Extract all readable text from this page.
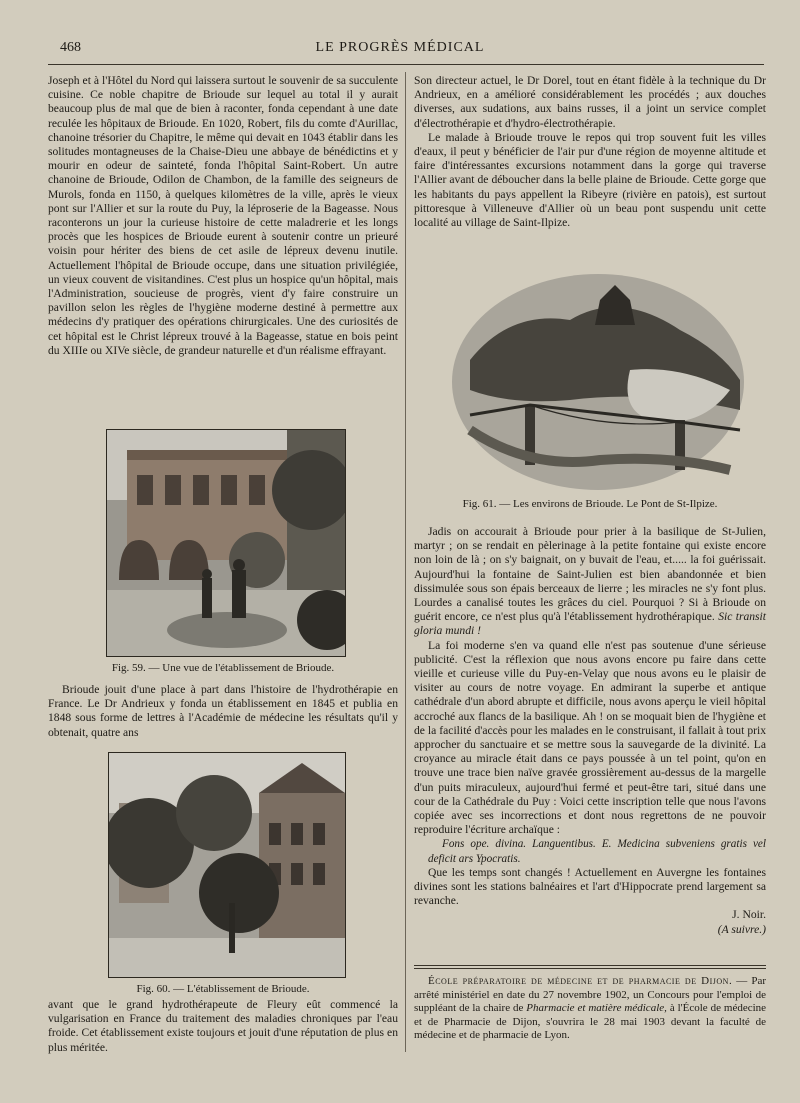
468	LE PROGRÈS MÉDICAL

Joseph et à l'Hôtel du Nord qui laissera surtout le souvenir de sa succulente cuisine. Ce noble chapitre de Brioude sur lequel au total il y aurait beaucoup plus de mal que de bien à raconter, fonda cependant à une date reculée les hôpitaux de Brioude. En 1020, Robert, fils du comte d'Aurillac, chanoine trésorier du Chapitre, le même qui devait en 1043 établir dans les solitudes montagneuses de la Chaise-Dieu une abbaye de bénédictins et y mourir en odeur de sainteté, fonda l'hôpital Saint-Robert. Un autre chanoine de Brioude, Odilon de Chambon, de la famille des seigneurs de Murols, fonda en 1150, à quelques kilomètres de la ville, après le vieux pont sur l'Allier et sur la route du Puy, la léproserie de la Bageasse. Nous raconterons un jour la curieuse histoire de cette maladrerie et les longs procès que les hospices de Brioude eurent à soutenir contre un prieuré voisin pour hériter des biens de cet asile de lépreux devenu inutile. Actuellement l'hôpital de Brioude occupe, dans une situation privilégiée, un vieux couvent de visitandines. C'est plus un hospice qu'un hôpital, mais l'Administration, soucieuse de progrès, vient d'y faire construire un pavillon selon les règles de l'hygiène moderne destiné à permettre aux médecins d'y pratiquer des opérations chirurgicales. Une des curiosités de cet hôpital est le Christ lépreux trouvé à la Bageasse, statue en bois peint du XIIIe ou XIVe siècle, de grandeur naturelle et d'un réalisme effrayant.

Fig. 59. — Une vue de l'établissement de Brioude.

Brioude jouit d'une place à part dans l'histoire de l'hydrothérapie en France. Le Dr Andrieux y fonda un établissement en 1845 et publia en 1848 sous forme de lettres à l'Académie de médecine les résultats qu'il y obtenait, quatre ans

Fig. 60. — L'établissement de Brioude.

avant que le grand hydrothérapeute de Fleury eût commencé la vulgarisation en France du traitement des maladies chroniques par l'eau froide. Cet établissement existe toujours et jouit d'une réputation de plus en plus méritée.

Son directeur actuel, le Dr Dorel, tout en étant fidèle à la technique du Dr Andrieux, en a amélioré considérablement les procédés ; aux douches diverses, aux sudations, aux bains russes, il a joint un service complet d'électrothérapie et d'hydro-électrothérapie.

Le malade à Brioude trouve le repos qui trop souvent fuit les villes d'eaux, il peut y bénéficier de l'air pur d'une région de moyenne altitude et faire d'intéressantes excursions notamment dans la gorge qui traverse l'Allier avant de déboucher dans la belle plaine de Brioude. Cette gorge que les habitants du pays appellent la Ribeyre (rivière en patois), est surtout pittoresque à Villeneuve d'Allier où un beau pont suspendu unit cette localité au village de Saint-Ilpize.

Fig. 61. — Les environs de Brioude. Le Pont de St-Ilpize.

Jadis on accourait à Brioude pour prier à la basilique de St-Julien, martyr ; on se rendait en pèlerinage à la petite fontaine qui existe encore non loin de là ; on s'y baignait, on y buvait de l'eau, et..... la foi guérissait. Aujourd'hui la fontaine de Saint-Julien est bien abandonnée et bien dissimulée sous son épais berceaux de lierre ; les miracles ne s'y font plus. Lourdes a canalisé toutes les grâces du ciel. Pourquoi ? Si à Brioude on guérit encore, ce n'est plus qu'à l'établissement hydrothérapique. Sic transit gloria mundi !

La foi moderne s'en va quand elle n'est pas soutenue d'une sérieuse publicité. C'est la réflexion que nous avons encore pu faire dans cette vieille et curieuse ville du Puy-en-Velay que nous avons eu le plaisir de visiter au cours de notre voyage. En admirant la superbe et antique cathédrale d'un abord abrupte et difficile, nous avons aperçu le vieil hôpital accroché aux flancs de la basilique. Ah ! on se moquait bien de l'hygiène et de la facilité d'accès pour les malades en le construisant, il fallait à tout prix approcher du sanctuaire et se mettre sous la sauvegarde de la divinité. La croyance au miracle était dans ce pays poussée à un tel point, qu'on en trouve une trace bien naïve gravée grossièrement au-dessus de la margelle d'un puits miraculeux, aujourd'hui fermé et peut-être tari, situé dans une cour de la Cathédrale du Puy : Voici cette inscription telle que nous l'avons copiée avec ses incorrections et dont nous regrettons de ne pouvoir reproduire l'écriture archaïque :

Fons ope. divina. Languentibus. E. Medicina subveniens gratis vel deficit ars Ypocratis.

Que les temps sont changés ! Actuellement en Auvergne les fontaines divines sont les stations balnéaires et l'art d'Hippocrate prend largement sa revanche.

J. Noir.

(A suivre.)

École préparatoire de médecine et de pharmacie de Dijon. — Par arrêté ministériel en date du 27 novembre 1902, un Concours pour l'emploi de suppléant de la chaire de Pharmacie et matière médicale, à l'École de médecine et de Pharmacie de Dijon, s'ouvrira le 28 mai 1903 devant la faculté de médecine et de pharmacie de Lyon.
